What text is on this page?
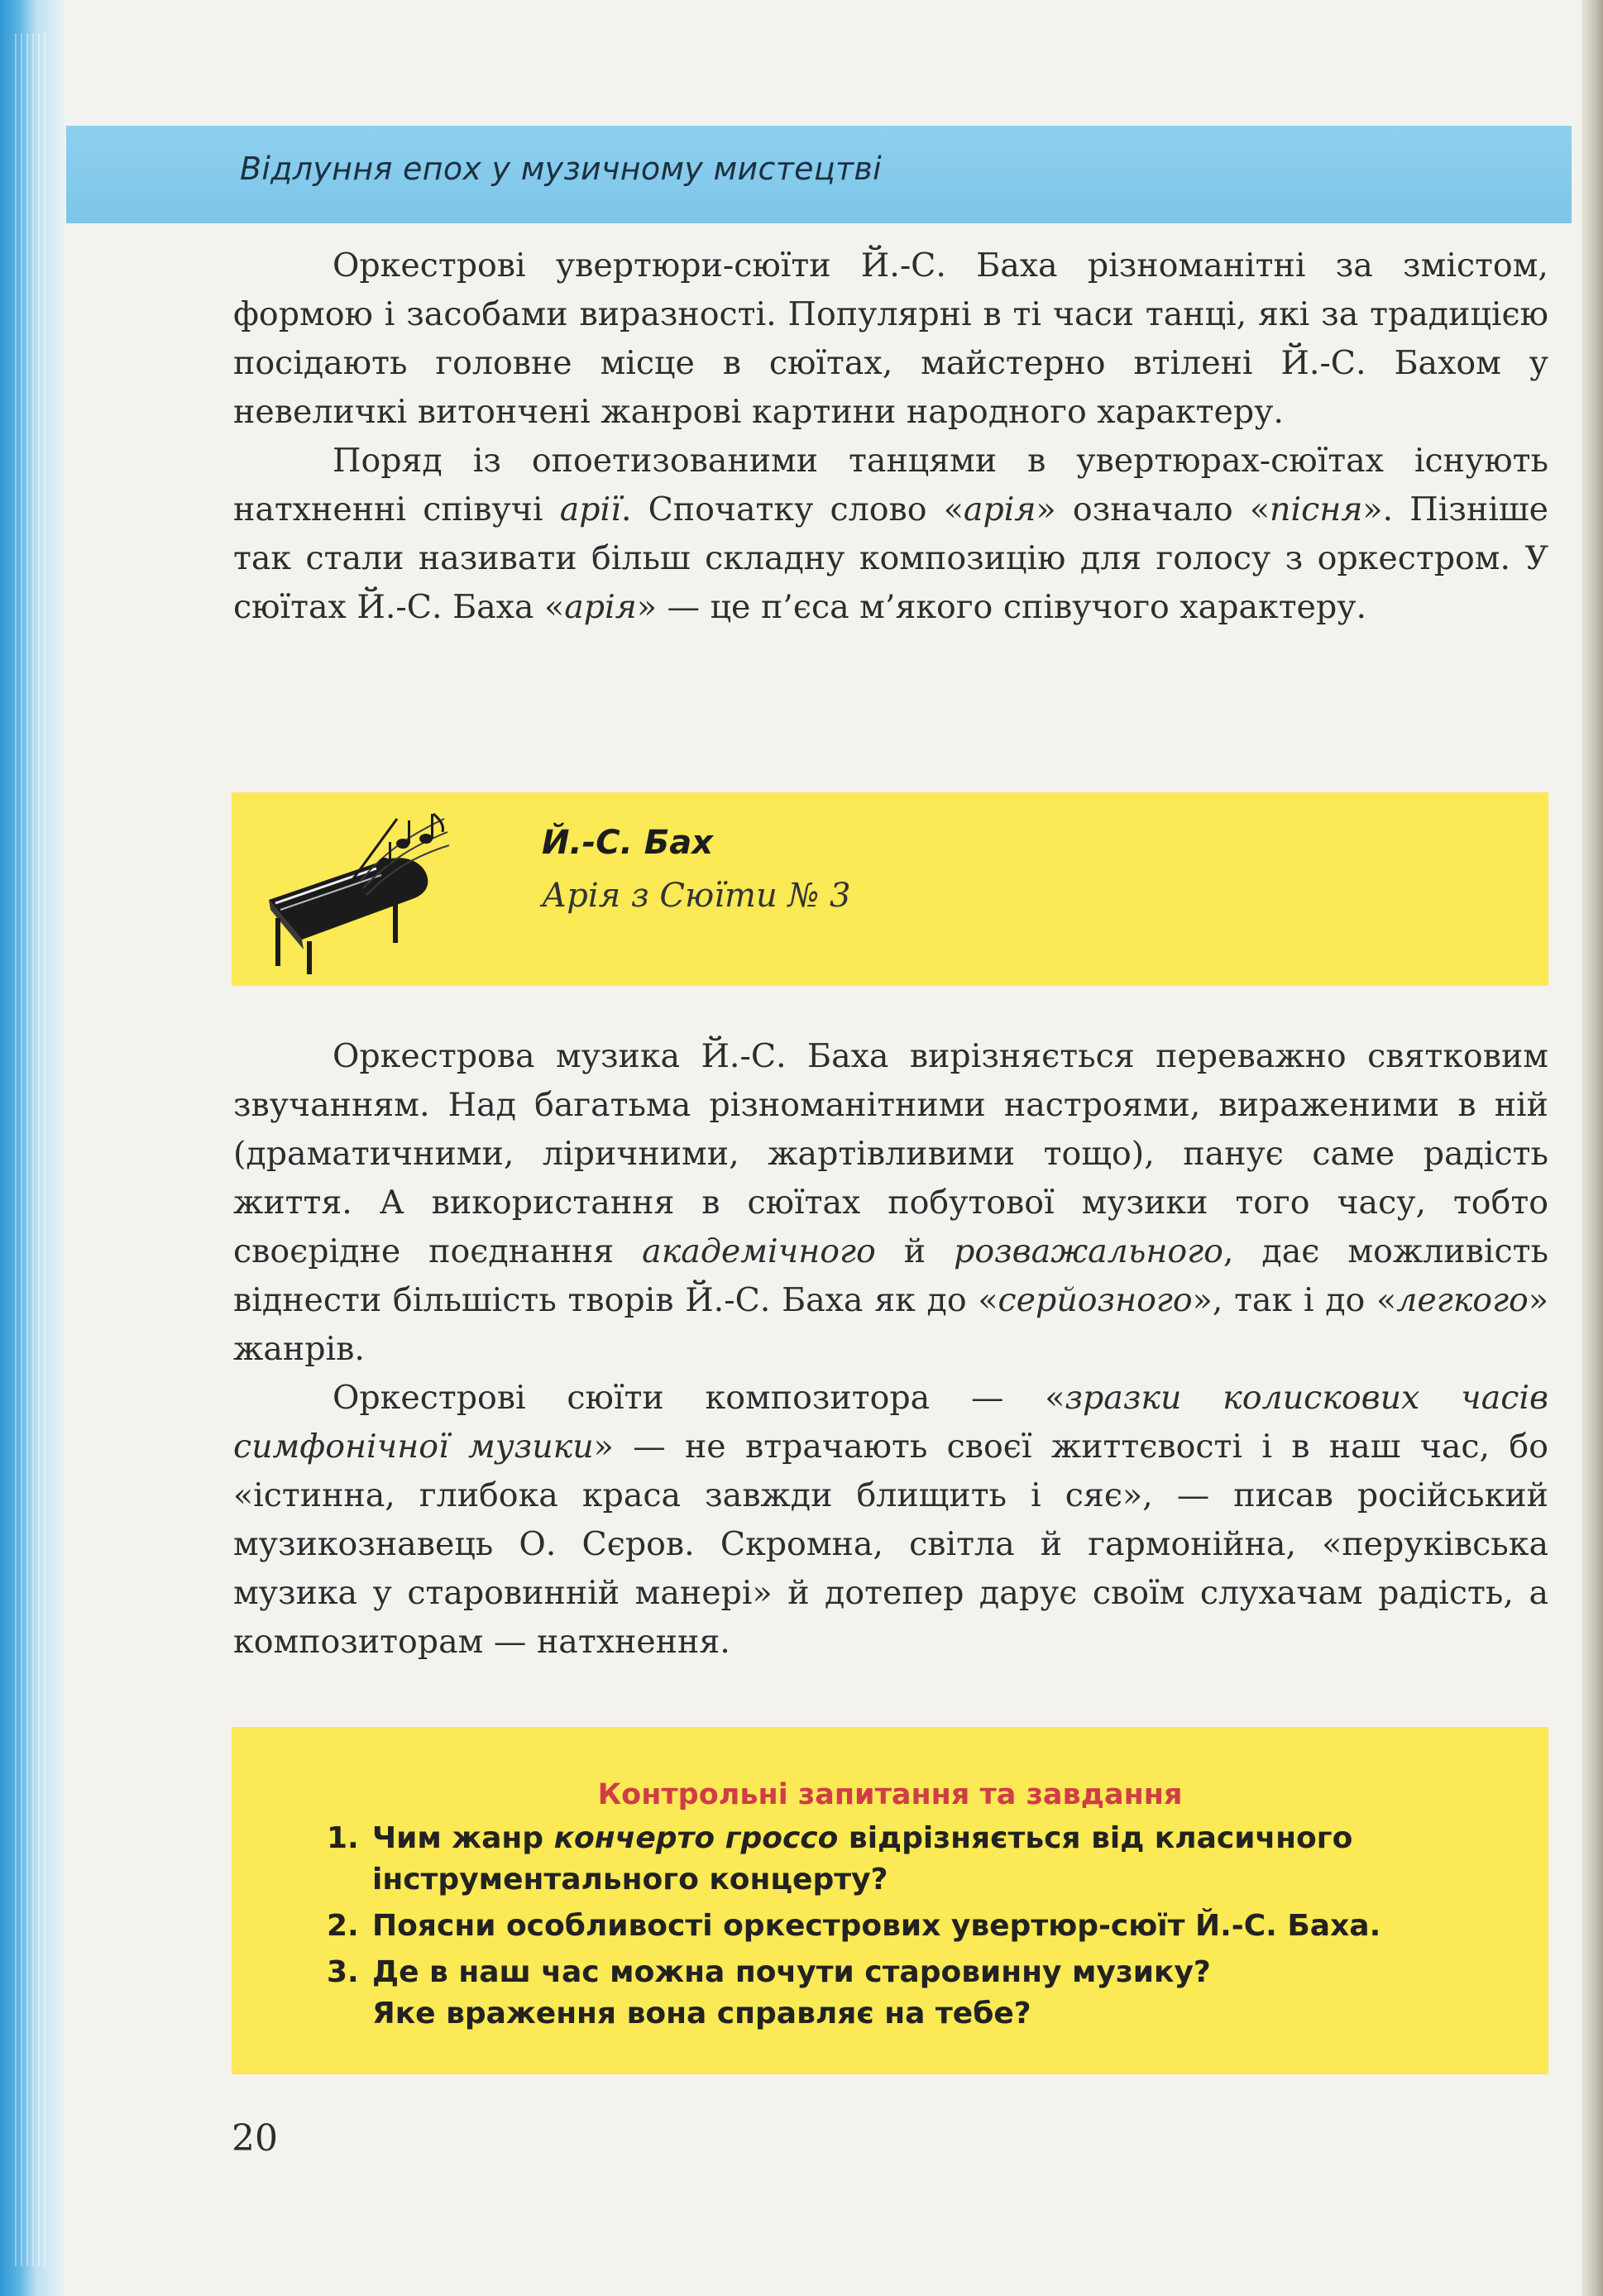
Відлуння епох у музичному мистецтві

Оркестрові увертюри-сюїти Й.-С. Баха різноманітні за змістом, формою і засобами виразності. Популярні в ті часи танці, які за традицією посідають головне місце в сюїтах, майстерно втілені Й.-С. Бахом у невеличкі витончені жанрові картини народного характеру.

Поряд із опоетизованими танцями в увертюрах-сюїтах існують натхненні співучі арії. Спочатку слово «арія» означало «пісня». Пізніше так стали називати більш складну композицію для голосу з оркестром. У сюїтах Й.-С. Баха «арія» — це п’єса м’якого співучого характеру.

Й.-С. Бах
Арія з Сюїти № 3

Оркестрова музика Й.-С. Баха вирізняється переважно святковим звучанням. Над багатьма різноманітними настроями, вираженими в ній (драматичними, ліричними, жартівливими тощо), панує саме радість життя. А використання в сюїтах побутової музики того часу, тобто своєрідне поєднання академічного й розважального, дає можливість віднести більшість творів Й.-С. Баха як до «серйозного», так і до «легкого» жанрів.

Оркестрові сюїти композитора — «зразки колискових часів симфонічної музики» — не втрачають своєї життєвості і в наш час, бо «істинна, глибока краса завжди блищить і сяє», — писав російський музикознавець О. Сєров. Скромна, світла й гармонійна, «перуківська музика у старовинній манері» й дотепер дарує своїм слухачам радість, а композиторам — натхнення.

Контрольні запитання та завдання
1. Чим жанр кончерто гроссо відрізняється від класичного
інструментального концерту?
2. Поясни особливості оркестрових увертюр-сюїт Й.-С. Баха.
3. Де в наш час можна почути старовинну музику?
Яке враження вона справляє на тебе?
20
